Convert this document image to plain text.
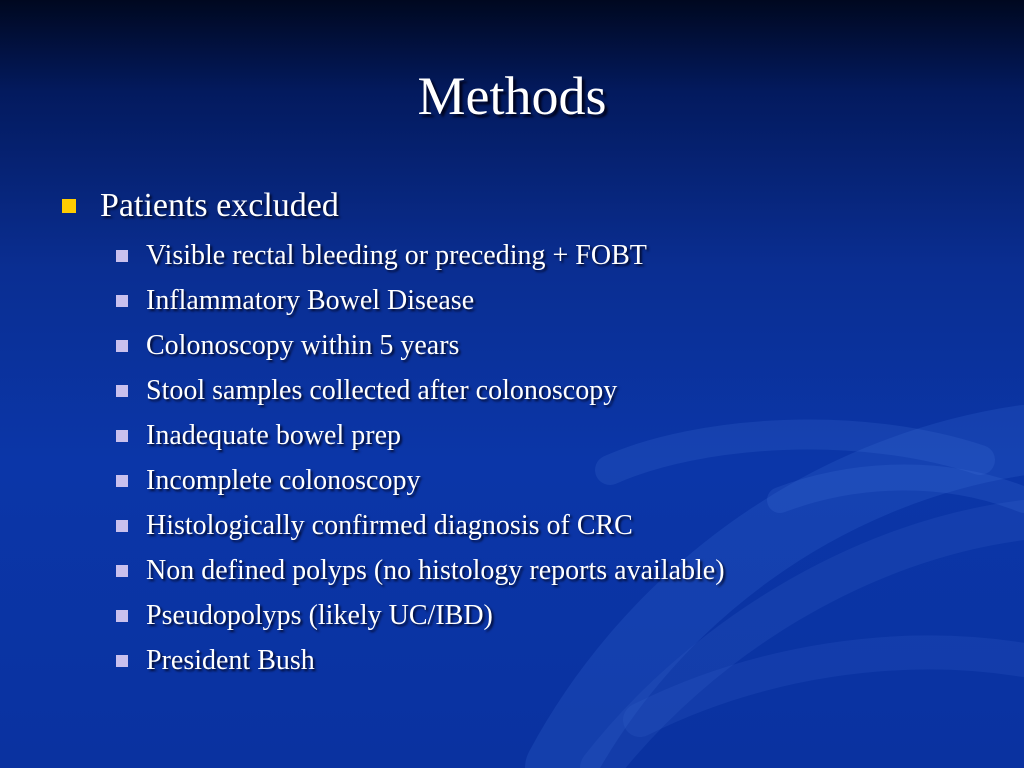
Methods
Patients excluded
Visible rectal bleeding or preceding + FOBT
Inflammatory Bowel Disease
Colonoscopy within 5 years
Stool samples collected after colonoscopy
Inadequate bowel prep
Incomplete colonoscopy
Histologically confirmed diagnosis of CRC
Non defined polyps (no histology reports available)
Pseudopolyps (likely UC/IBD)
President Bush
